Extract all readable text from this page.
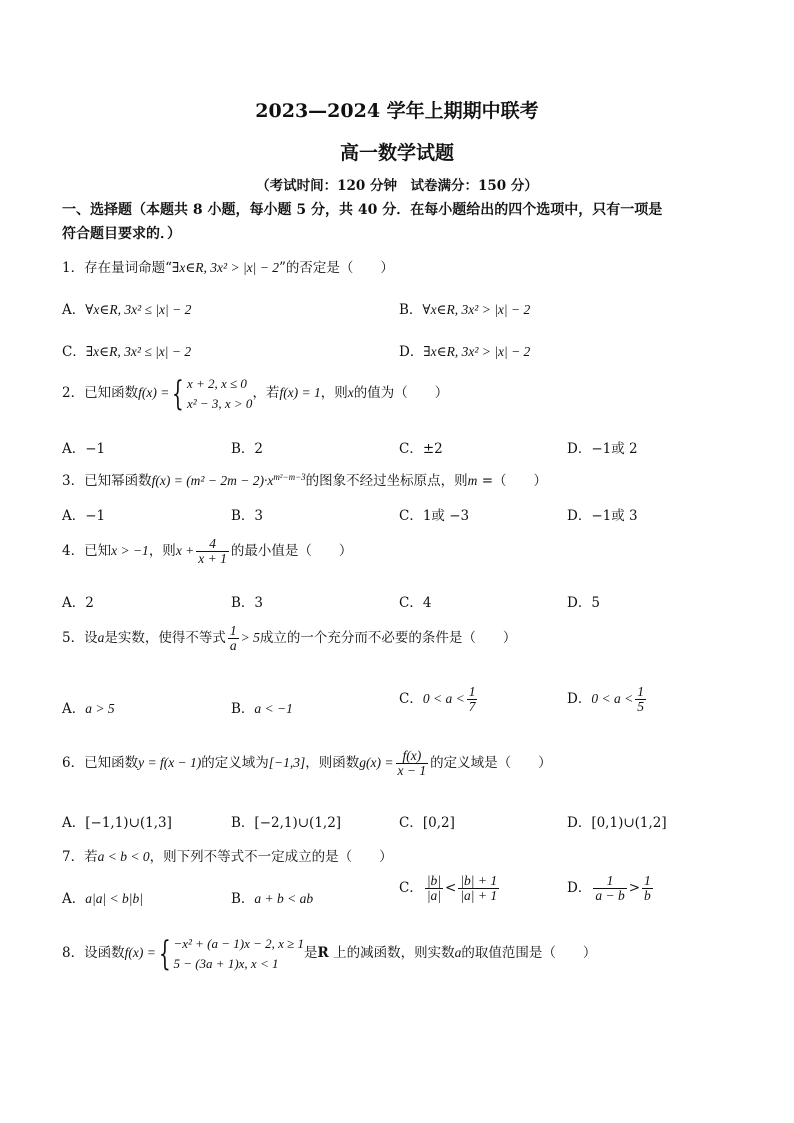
2023—2024 学年上期期中联考
高一数学试题
（考试时间：120 分钟　试卷满分：150 分）
一、选择题（本题共 8 小题，每小题 5 分，共 40 分．在每小题给出的四个选项中，只有一项是
符合题目要求的．）
1．存在量词命题“∃x∈R, 3x² > |x| − 2”的否定是（　　）
A．∀x∈R, 3x² ≤ |x| − 2	B．∀x∈R, 3x² > |x| − 2
C．∃x∈R, 3x² ≤ |x| − 2	D．∃x∈R, 3x² > |x| − 2
2．已知函数f(x) ={ x + 2, x ≤ 0
x² − 3, x > 0
，若f(x) = 1，则x的值为（　　）
A．−1	B．2	C．±2	D．−1或 2
3．已知幂函数$f(x) = (m^2 - 2m - 2)\cdot x^{m^2-m-3}$的图象不经过坐标原点，则m =（　　）
A．−1	B．3	C．1或 −3	D．−1或 3
4．已知x > −1，则$x + \frac{4}{x + 1}$ 的最小值是（　　）
A．2	B．3	C．4	D．5
5．设a是实数，使得不等式 $\frac{1}{a} > 5$成立的一个充分而不必要的条件是（　　）
A．a > 5	B．a < −1
C．$0 < a < \frac{1}{7}$	D．$0 < a < \frac{1}{5}$
6．已知函数y = f(x − 1)的定义域为[−1,3]，则函数$g(x) = \frac{f(x)}{x - 1}$ 的定义域是（　　）
A．[−1,1)∪(1,3]	B．[−2,1)∪(1,2]	C．[0,2]	D．[0,1)∪(1,2]
7．若a < b < 0，则下列不等式不一定成立的是（　　）
A．a|a| < b|b|	B．a + b < ab
C． $\frac{|b|}{|a|} < \frac{|b| + 1}{|a| + 1}$	D． $\frac{1}{a - b} > \frac{1}{b}$
8．设函数f(x) ={ −x² + (a − 1)x − 2, x ≥ 1
5 − (3a + 1)x, x < 1
是R 上的减函数，则实数a的取值范围是（　　）
